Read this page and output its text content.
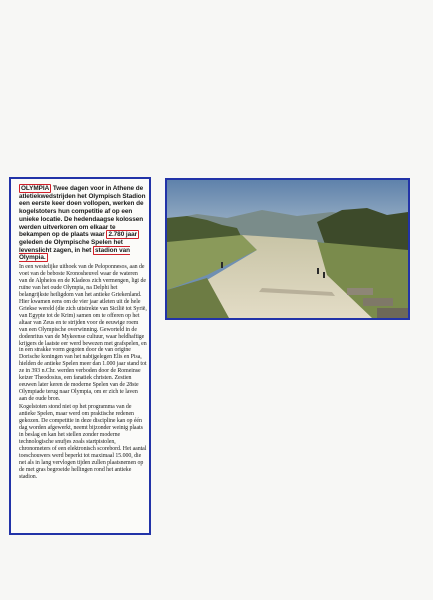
OLYMPIA Twee dagen voor in Athene de atletiekwedstrijden het Olympisch Stadion een eerste keer doen vollopen, werken de kogelstoters hun competitie af op een unieke locatie. De hedendaagse kolossen werden uitverkoren om elkaar te bekampen op de plaats waar 2.780 jaar geleden de Olympische Spelen het levenslicht zagen, in het stadion van Olympia.

In een westelijke uithoek van de Peloponnesos, aan de voet van de beboste Kronosheuvel waar de wateren van de Alpheios en de Kladeos zich vermengen, ligt de ruïne van het oude Olympia, na Delphi het belangrijkste heiligdom van het antieke Griekenland. Hier kwamen eens om de vier jaar atleten uit de hele Griekse wereld (die zich uitstrekte van Sicilië tot Syrië, van Egypte tot de Krim) samen om te offeren op het altaar van Zeus en te strijden voor de eeuwige roem van een Olympische overwinning. Geworteld in de dodenritus van de Mykeense cultuur, waar heldhaftige krijgers de laatste eer werd bewezen met grafspelen, en in een strakke vorm gegoten door de van origine Dorische koningen van het nabijgelegen Elis en Pisa, hielden de antieke Spelen meer dan 1.000 jaar stand tot ze in 393 n.Chr. werden verboden door de Romeinse keizer Theodosius, een fanatiek christen. Zestien eeuwen later keren de moderne Spelen van de 28ste Olympiade terug naar Olympia, om er zich te laven aan de oude bron.

Kogelstoten stond niet op het programma van de antieke Spelen, maar werd om praktische redenen gekozen. De competitie in deze discipline kan op één dag worden afgewerkt, neemt bijzonder weinig plaats in beslag en kan het stellen zonder moderne technologische snufjes zoals startpistolen, chronometers of een elektronisch scorebord. Het aantal toeschouwers werd beperkt tot maximaal 15.000, die net als in lang vervlogen tijden zullen plaatsnemen op de met gras begroeide hellingen rond het antieke stadion.
